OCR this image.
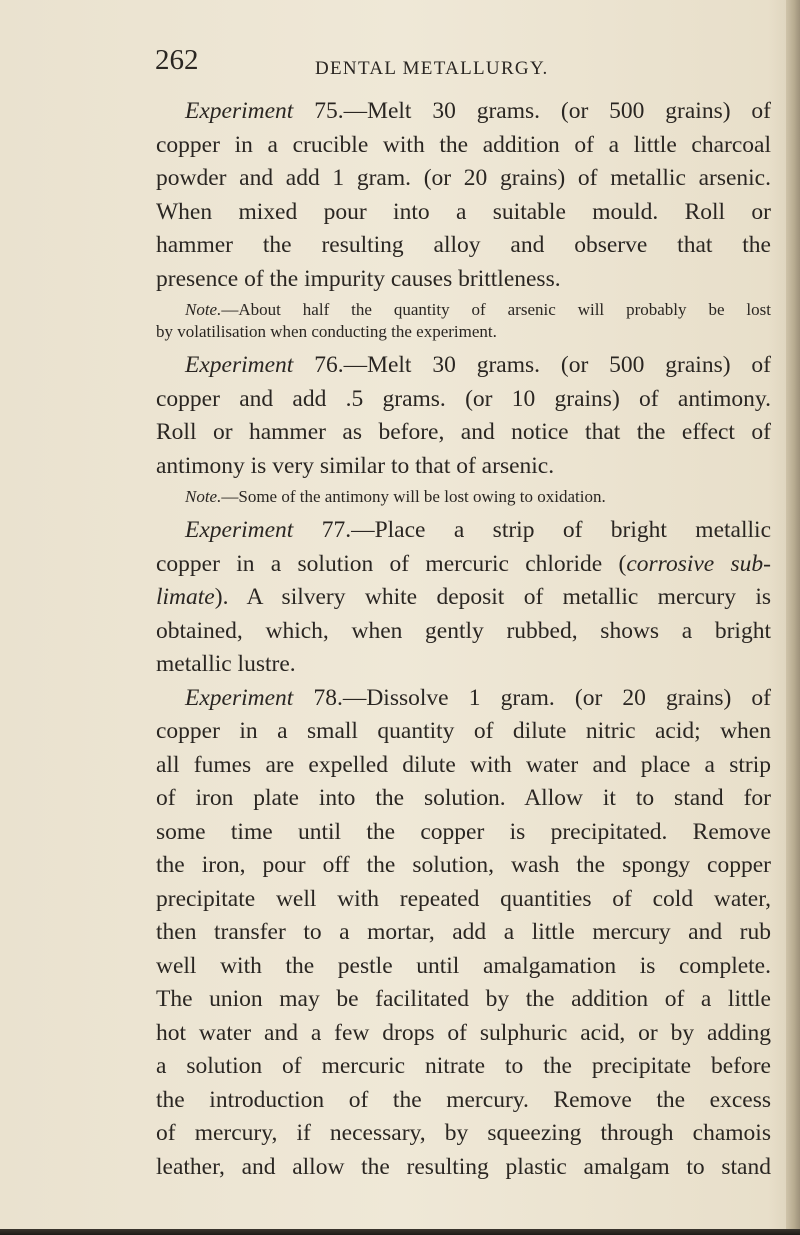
262	DENTAL METALLURGY.
Experiment 75.—Melt 30 grams. (or 500 grains) of
copper in a crucible with the addition of a little charcoal
powder and add 1 gram. (or 20 grains) of metallic arsenic.
When mixed pour into a suitable mould. Roll or
hammer the resulting alloy and observe that the
presence of the impurity causes brittleness.
Note.—About half the quantity of arsenic will probably be lost
by volatilisation when conducting the experiment.
Experiment 76.—Melt 30 grams. (or 500 grains) of
copper and add .5 grams. (or 10 grains) of antimony.
Roll or hammer as before, and notice that the effect of
antimony is very similar to that of arsenic.
Note.—Some of the antimony will be lost owing to oxidation.
Experiment 77.—Place a strip of bright metallic
copper in a solution of mercuric chloride (corrosive sub-
limate). A silvery white deposit of metallic mercury is
obtained, which, when gently rubbed, shows a bright
metallic lustre.
Experiment 78.—Dissolve 1 gram. (or 20 grains) of
copper in a small quantity of dilute nitric acid; when
all fumes are expelled dilute with water and place a strip
of iron plate into the solution. Allow it to stand for
some time until the copper is precipitated. Remove
the iron, pour off the solution, wash the spongy copper
precipitate well with repeated quantities of cold water,
then transfer to a mortar, add a little mercury and rub
well with the pestle until amalgamation is complete.
The union may be facilitated by the addition of a little
hot water and a few drops of sulphuric acid, or by adding
a solution of mercuric nitrate to the precipitate before
the introduction of the mercury. Remove the excess
of mercury, if necessary, by squeezing through chamois
leather, and allow the resulting plastic amalgam to stand
